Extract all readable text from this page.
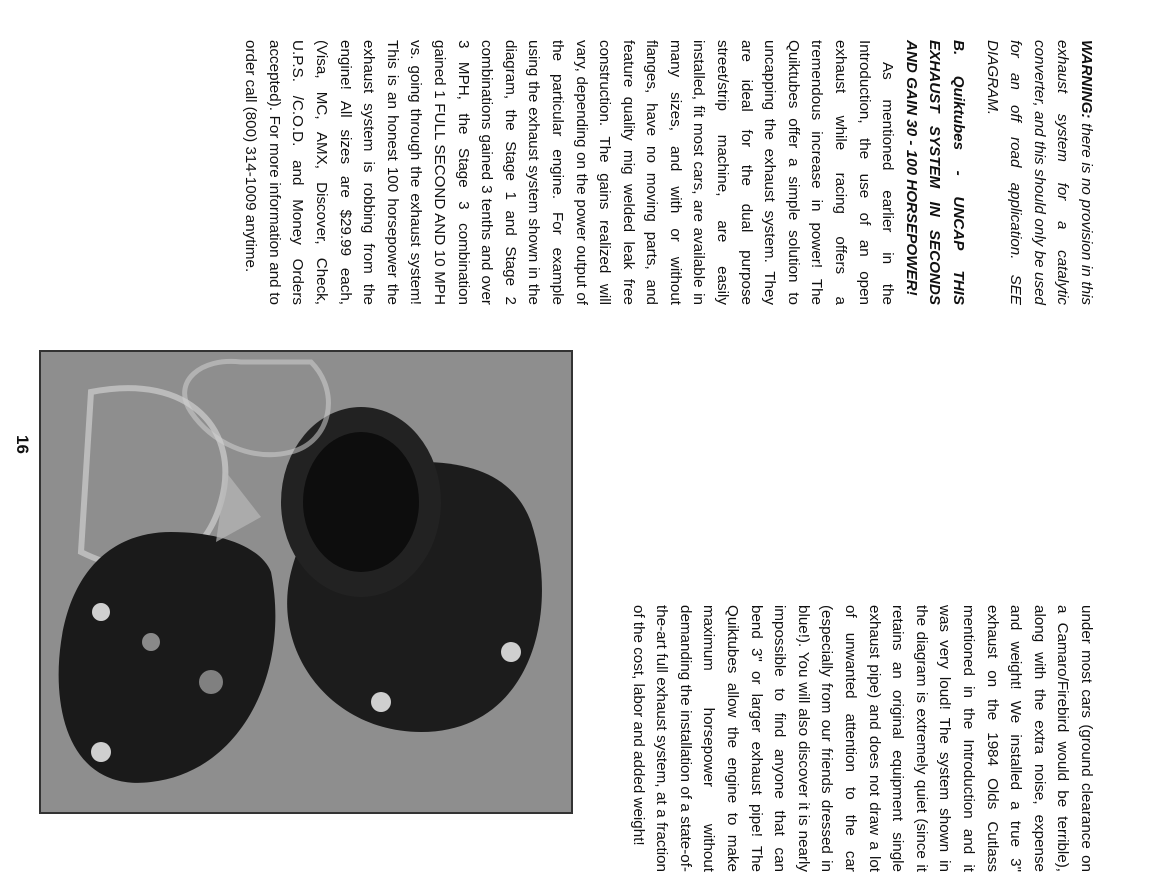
WARNING: there is no provision in this exhaust system for a catalytic converter, and this should only be used for an off road application. SEE DIAGRAM.

B. Quiktubes - UNCAP THIS EXHAUST SYSTEM IN SECONDS AND GAIN 30 - 100 HORSEPOWER!

As mentioned earlier in the Introduction, the use of an open exhaust while racing offers a tremendous increase in power! The Quiktubes offer a simple solution to uncapping the exhaust system. They are ideal for the dual purpose street/strip machine, are easily installed, fit most cars, are available in many sizes, and with or without flanges, have no moving parts, and feature quality mig welded leak free construction. The gains realized will vary, depending on the power output of the particular engine. For example using the exhaust system shown in the diagram, the Stage 1 and Stage 2 combinations gained 3 tenths and over 3 MPH, the Stage 3 combination gained 1 FULL SECOND AND 10 MPH vs. going through the exhaust system! This is an honest 100 horsepower the exhaust system is robbing from the engine! All sizes are $29.99 each, (Visa, MC, AMX, Discover, Check, U.P.S. /C.O.D. and Money Orders accepted). For more information and to order call (800) 314-1009 anytime.

under most cars (ground clearance on a Camaro/Firebird would be terrible), along with the extra noise, expense and weight! We installed a true 3" exhaust on the 1984 Olds Cutlass mentioned in the Introduction and it was very loud! The system shown in the diagram is extremely quiet (since it retains an original equipment single exhaust pipe) and does not draw a lot of unwanted attention to the car (especially from our friends dressed in blue!). You will also discover it is nearly impossible to find anyone that can bend 3" or larger exhaust pipe! The Quiktubes allow the engine to make maximum horsepower without demanding the installation of a state-of-the-art full exhaust system, at a fraction of the cost, labor and added weight!

16
